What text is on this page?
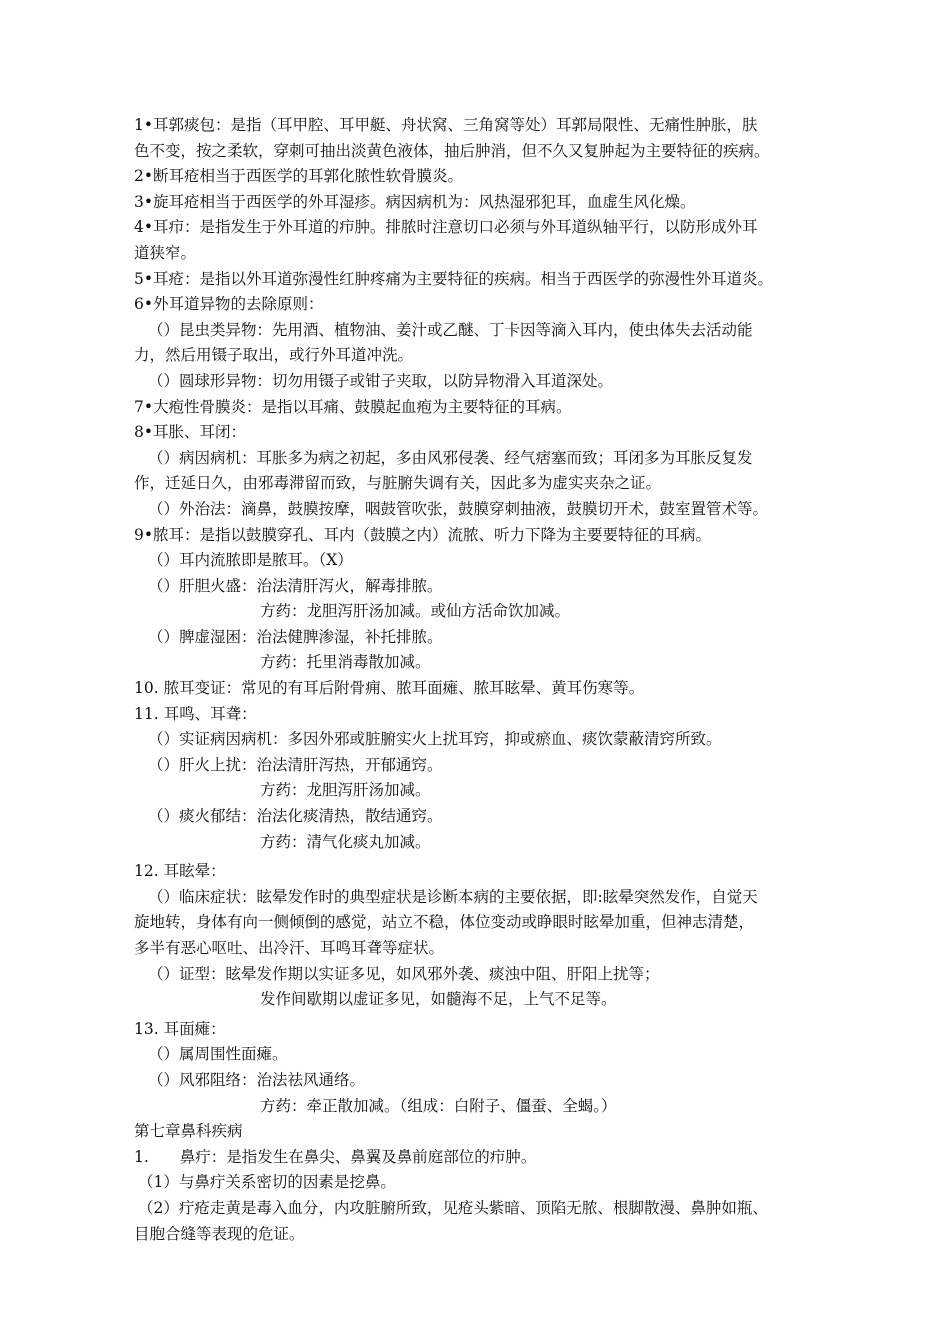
1•耳郭痰包：是指（耳甲腔、耳甲艇、舟状窝、三角窝等处）耳郭局限性、无痛性肿胀，肤

色不变，按之柔软，穿刺可抽出淡黄色液体，抽后肿消，但不久又复肿起为主要特征的疾病。

2•断耳疮相当于西医学的耳郭化脓性软骨膜炎。

3•旋耳疮相当于西医学的外耳湿疹。病因病机为：风热湿邪犯耳，血虚生风化燥。

4•耳疖：是指发生于外耳道的疖肿。排脓时注意切口必须与外耳道纵轴平行，以防形成外耳

道狭窄。

5•耳疮：是指以外耳道弥漫性红肿疼痛为主要特征的疾病。相当于西医学的弥漫性外耳道炎。

6•外耳道异物的去除原则：

（）昆虫类异物：先用酒、植物油、姜汁或乙醚、丁卡因等滴入耳内，使虫体失去活动能

力，然后用镊子取出，或行外耳道冲洗。

（）圆球形异物：切勿用镊子或钳子夹取，以防异物滑入耳道深处。

7•大疱性骨膜炎：是指以耳痛、鼓膜起血疱为主要特征的耳病。

8•耳胀、耳闭：

（）病因病机：耳胀多为病之初起，多由风邪侵袭、经气痞塞而致；耳闭多为耳胀反复发

作，迁延日久，由邪毒滞留而致，与脏腑失调有关，因此多为虚实夹杂之证。

（）外治法：滴鼻，鼓膜按摩，咽鼓管吹张，鼓膜穿刺抽液，鼓膜切开术，鼓室置管术等。

9•脓耳：是指以鼓膜穿孔、耳内（鼓膜之内）流脓、听力下降为主要要特征的耳病。

（）耳内流脓即是脓耳。（X）

（）肝胆火盛：治法清肝泻火，解毒排脓。

方药：龙胆泻肝汤加减。或仙方活命饮加减。

（）脾虚湿困：治法健脾渗湿，补托排脓。

方药：托里消毒散加减。

10. 脓耳变证：常见的有耳后附骨痈、脓耳面瘫、脓耳眩晕、黄耳伤寒等。

11. 耳鸣、耳聋：

（）实证病因病机：多因外邪或脏腑实火上扰耳窍，抑或瘀血、痰饮蒙蔽清窍所致。

（）肝火上扰：治法清肝泻热，开郁通窍。

方药：龙胆泻肝汤加减。

（）痰火郁结：治法化痰清热，散结通窍。

方药：清气化痰丸加减。

12. 耳眩晕：

（）临床症状：眩晕发作时的典型症状是诊断本病的主要依据，即:眩晕突然发作，自觉天

旋地转，身体有向一侧倾倒的感觉，站立不稳，体位变动或睁眼时眩晕加重，但神志清楚，

多半有恶心呕吐、出冷汗、耳鸣耳聋等症状。

（）证型：眩晕发作期以实证多见，如风邪外袭、痰浊中阻、肝阳上扰等；

发作间歇期以虚证多见，如髓海不足，上气不足等。

13. 耳面瘫：

（）属周围性面瘫。

（）风邪阻络：治法祛风通络。

方药：牵正散加减。（组成：白附子、僵蚕、全蝎。）

第七章鼻科疾病

1.　　鼻疔：是指发生在鼻尖、鼻翼及鼻前庭部位的疖肿。

（1）与鼻疔关系密切的因素是挖鼻。

（2）疔疮走黄是毒入血分，内攻脏腑所致，见疮头紫暗、顶陷无脓、根脚散漫、鼻肿如瓶、

目胞合缝等表现的危证。
